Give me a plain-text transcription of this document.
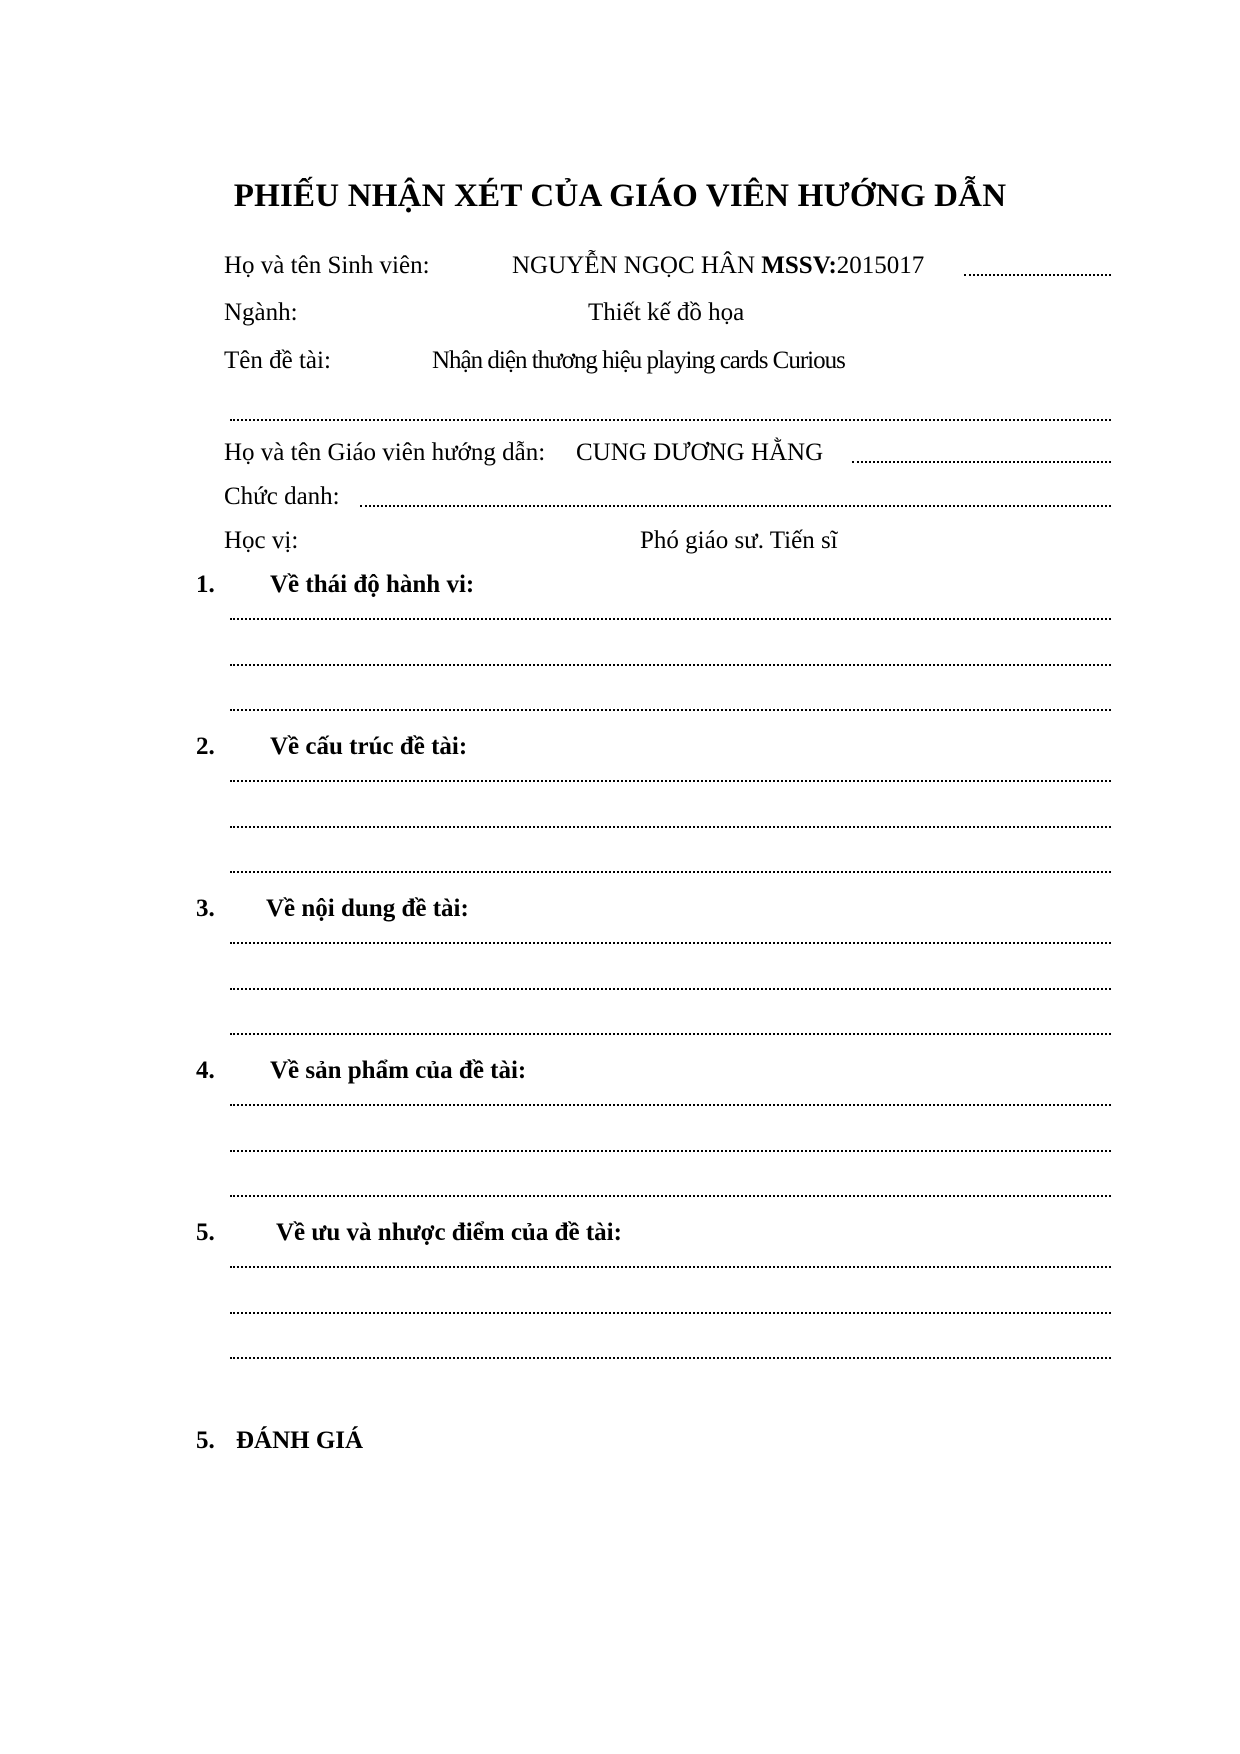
PHIẾU NHẬN XÉT CỦA GIÁO VIÊN HƯỚNG DẪN
Họ và tên Sinh viên:	NGUYỄN NGỌC HÂN MSSV:2015017
Ngành:	Thiết kế đồ họa
Tên đề tài:	Nhận diện thương hiệu playing cards Curious
Họ và tên Giáo viên hướng dẫn: CUNG DƯƠNG HẰNG
Chức danh:
Học vị:	Phó giáo sư. Tiến sĩ
1. Về thái độ hành vi:
2. Về cấu trúc đề tài:
3. Về nội dung đề tài:
4. Về sản phẩm của đề tài:
5. Về ưu và nhược điểm của đề tài:
5. ĐÁNH GIÁ
